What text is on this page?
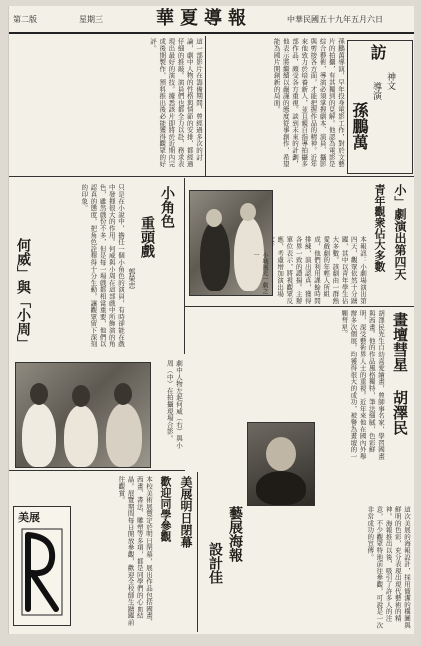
第二版	星期三	華夏導報	中華民國五十九年五月六日
訪
神文
導演
孫鵬萬
孫鵬萬導演，早年投身電影工作，對於文藝片的拍攝，有其獨到的見解。他認為電影是綜合藝術，導演必須掌握劇本、演員、攝影與剪接各方面，才能把握作品的精神。近年來他致力於培養新人，並且親自指導拍攝多部作品，頗受各方重視。談到未來的計劃，他表示將繼續以嚴謹的態度從事創作，希望能為國片開創新的局面。
這一部影片在籌備期間，曾經過多次的討論，劇中人物的性格與情節的安排，都經過仔細的推敲。演員們也都全力以赴，務求表現出最好的演技。據悉該片即將於近期內完成後期製作，預料推出後必能獲得觀眾的好評。
小角色
重頭戲
郭榮忠
何威」與「小周」	只是在小說中，擔任一個小角色的演員，有時卻能在戲中發揮很大的作用。何威與小周在這部戲中所飾演的角色，雖然戲份不多，但是每一場戲都相當重要，他們以認真的態度，把角色詮釋得十分生動，讓觀眾留下深刻的印象。	小」劇演出第四天
青年觀衆佔大多數
本報訊：小劇場演出第四天，觀眾依然十分踴躍，其中以青年學生佔大多數。該劇由一群熱愛戲劇的年輕人所組成，他們利用課餘時間排練，演出認真，獲得各界一致的讚揚。主辦單位表示，將視觀眾反應，考慮增加演出場
小城風光一劇之一
劇中人物左起何威（右）與小周（中）在拍攝現場合影。
畫壇彗星
胡澤民
胡澤民先生自幼喜愛繪畫，曾師事名家，學習國畫與西畫。他的作品風格獨特，筆法細膩，色彩鮮明，深受藝術界人士的重視。近年來他在國內外舉辦多次個展，均獲得很大的成功，被譽為畫壇的一顆彗星。
藝展海報
設計佳	這次美展的海報設計，採用簡潔的構圖與鮮明的色彩，充分表現出現代藝術的精神。海報推出以後，吸引了許多人的注意，不少觀眾特地前往參觀，可說是一次非常成功的宣傳。
美展明日閉幕
歡迎同學參觀
本校美術展覽定於明日閉幕，展出作品包括國畫、西畫、書法、雕塑等多項，都是同學們的心血結晶。展覽期間每日開放參觀，歡迎全校師生踴躍前往觀賞。
美展
